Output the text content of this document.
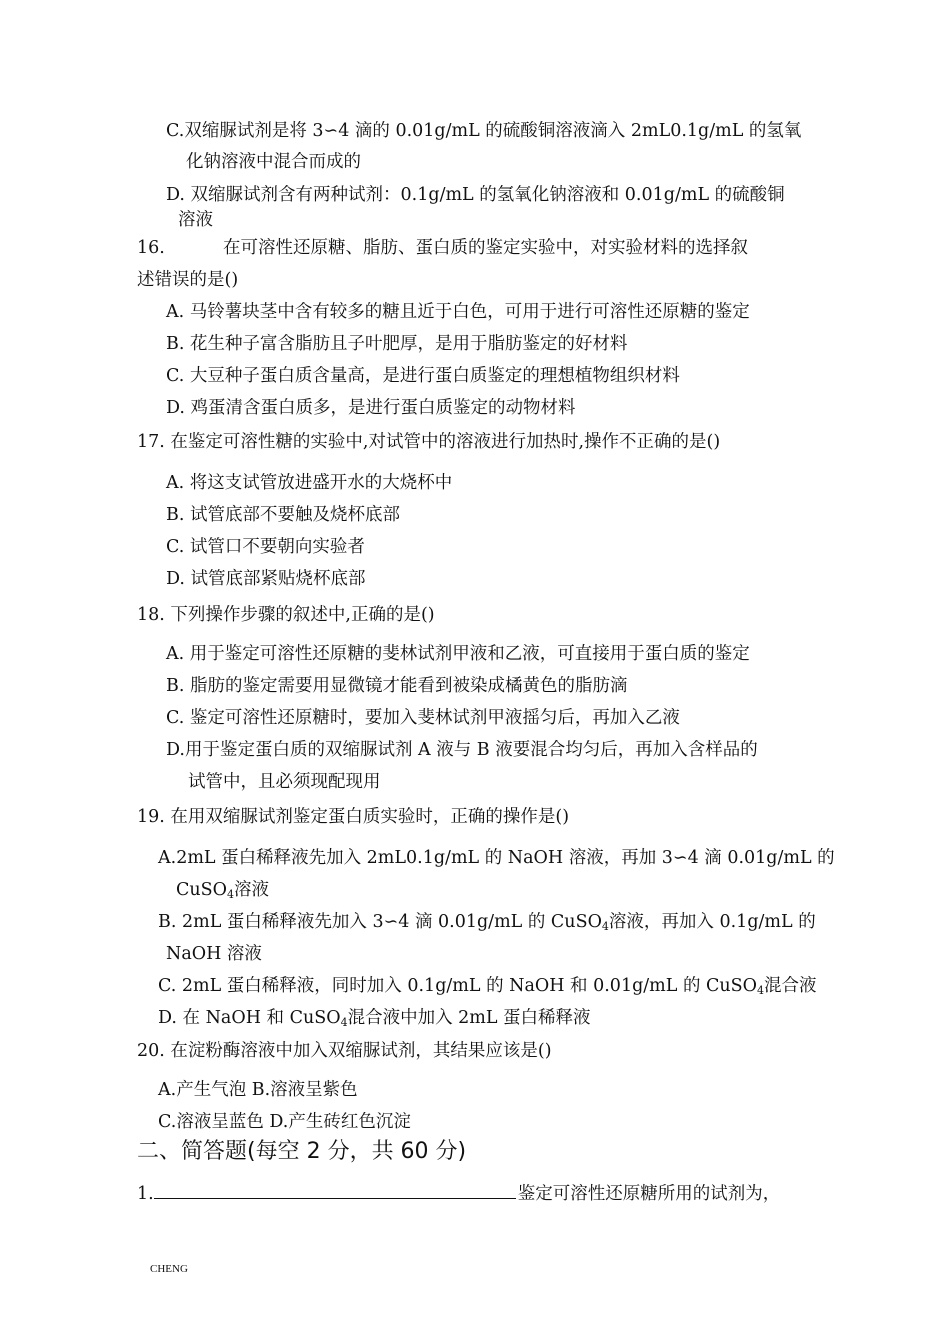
C.双缩脲试剂是将 3∽4 滴的 0.01g/mL 的硫酸铜溶液滴入 2mL0.1g/mL 的氢氧
化钠溶液中混合而成的
D. 双缩脲试剂含有两种试剂：0.1g/mL 的氢氧化钠溶液和 0.01g/mL 的硫酸铜
溶液
16.	在可溶性还原糖、脂肪、蛋白质的鉴定实验中，对实验材料的选择叙
述错误的是()
A. 马铃薯块茎中含有较多的糖且近于白色，可用于进行可溶性还原糖的鉴定
B. 花生种子富含脂肪且子叶肥厚，是用于脂肪鉴定的好材料
C. 大豆种子蛋白质含量高，是进行蛋白质鉴定的理想植物组织材料
D. 鸡蛋清含蛋白质多，是进行蛋白质鉴定的动物材料
17. 在鉴定可溶性糖的实验中,对试管中的溶液进行加热时,操作不正确的是()
A. 将这支试管放进盛开水的大烧杯中
B. 试管底部不要触及烧杯底部
C. 试管口不要朝向实验者
D. 试管底部紧贴烧杯底部
18. 下列操作步骤的叙述中,正确的是()
A. 用于鉴定可溶性还原糖的斐林试剂甲液和乙液，可直接用于蛋白质的鉴定
B. 脂肪的鉴定需要用显微镜才能看到被染成橘黄色的脂肪滴
C. 鉴定可溶性还原糖时，要加入斐林试剂甲液摇匀后，再加入乙液
D.用于鉴定蛋白质的双缩脲试剂 A 液与 B 液要混合均匀后，再加入含样品的
试管中，且必须现配现用
19. 在用双缩脲试剂鉴定蛋白质实验时，正确的操作是()
A.2mL 蛋白稀释液先加入 2mL0.1g/mL 的 NaOH 溶液，再加 3∽4 滴 0.01g/mL 的
CuSO$_4$溶液
B. 2mL 蛋白稀释液先加入 3∽4 滴 0.01g/mL 的 CuSO$_4$溶液，再加入 0.1g/mL 的
NaOH 溶液
C. 2mL 蛋白稀释液，同时加入 0.1g/mL 的 NaOH 和 0.01g/mL 的 CuSO$_4$混合液
D. 在 NaOH 和 CuSO$_4$混合液中加入 2mL 蛋白稀释液
20. 在淀粉酶溶液中加入双缩脲试剂，其结果应该是()
A.产生气泡 B.溶液呈紫色
C.溶液呈蓝色 D.产生砖红色沉淀
二、简答题(每空 2 分，共 60 分)
1.	鉴定可溶性还原糖所用的试剂为，
CHENG
